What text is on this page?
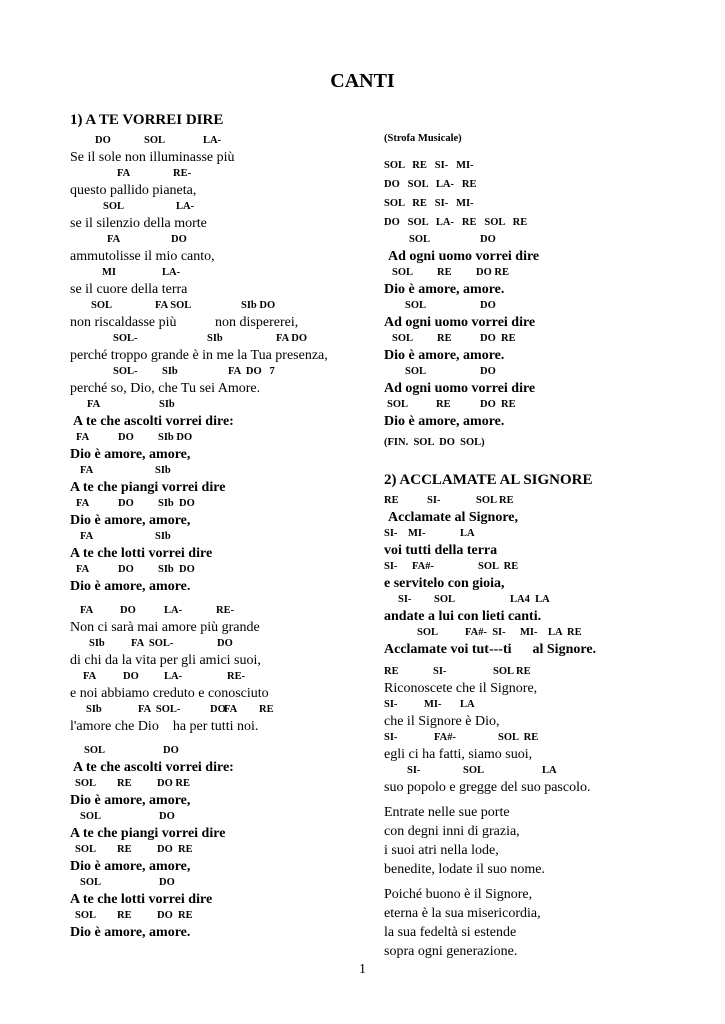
CANTI
1) A TE VORREI DIRE
DO	SOL	LA-
Se il sole non illuminasse più
FA	RE-
questo pallido pianeta,
SOL	LA-
se il silenzio della morte
FA	DO
ammutolisse il mio canto,
MI	LA-
se il cuore della terra
SOL	FA SOL	SIb DO
non riscaldasse più           non dispererei,
SOL-	SIb	FA DO
perché troppo grande è in me la Tua presenza,
SOL- SIb	FA  DO   7
perché so, Dio, che Tu sei Amore.
FA	SIb
A te che ascolti vorrei dire:
FA	DO SIb DO
Dio è amore, amore,
FA	SIb
A te che piangi vorrei dire
FA	DO SIb  DO
Dio è amore, amore,
FA	SIb
A te che lotti vorrei dire
FA	DO SIb  DO
Dio è amore, amore.
FA	DO	LA-	RE-
Non ci sarà mai amore più grande
SIb FA  SOL-	DO
di chi da la vita per gli amici suoi,
FA	DO LA-	RE-
e noi abbiamo creduto e conosciuto
SIb	FA  SOL-	DO
FA RE
l'amore che Dio    ha per tutti noi.
SOL	DO
A te che ascolti vorrei dire:
SOL RE DO RE
Dio è amore, amore,
SOL	DO
A te che piangi vorrei dire
SOL RE DO  RE
Dio è amore, amore,
SOL	DO
A te che lotti vorrei dire
SOL RE DO  RE
Dio è amore, amore.
(Strofa Musicale)
SOL   RE   SI-   MI-
DO   SOL   LA-   RE
SOL   RE   SI-   MI-
DO   SOL   LA-   RE   SOL   RE
SOL	DO
Ad ogni uomo vorrei dire
SOL RE DO RE
Dio è amore, amore.
SOL	DO
Ad ogni uomo vorrei dire
SOL RE	DO  RE
Dio è amore, amore.
SOL	DO
Ad ogni uomo vorrei dire
SOL	RE	DO  RE
Dio è amore, amore.
(FIN.  SOL  DO  SOL)
2) ACCLAMATE AL SIGNORE
RE	SI-	SOL RE
Acclamate al Signore,
SI- MI-	LA
voi tutti della terra
SI- FA#-	SOL  RE
e servitelo con gioia,
SI- SOL	LA4  LA
andate a lui con lieti canti.
SOL	FA#-  SI- MI- LA RE
Acclamate voi tut---ti      al Signore.
RE	SI-	SOL RE
Riconoscete che il Signore,
SI-	MI- LA
che il Signore è Dio,
SI-	FA#-	SOL  RE
egli ci ha fatti, siamo suoi,
SI-	SOL	LA
suo popolo e gregge del suo pascolo.
Entrate nelle sue porte
con degni inni di grazia,
i suoi atri nella lode,
benedite, lodate il suo nome.
Poiché buono è il Signore,
eterna è la sua misericordia,
la sua fedeltà si estende
sopra ogni generazione.
1
